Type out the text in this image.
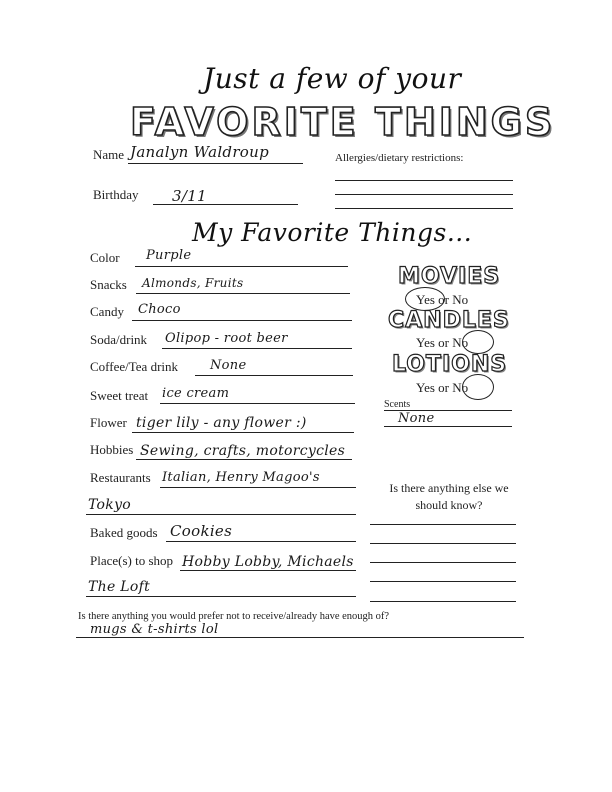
Just a few of your
FAVORITE THINGS
Name Janalyn Waldroup	Allergies/dietary restrictions:
Birthday 3/11
My Favorite Things...
Color Purple
Snacks Almonds, Fruits
Candy Choco
Soda/drink Olipop - root beer
Coffee/Tea drink None
Sweet treat ice cream
Flower tiger lily - any flower :)
Hobbies Sewing, crafts, motorcycles
Restaurants Italian, Henry Magoo's
Tokyo
Baked goods Cookies
Place(s) to shop Hobby Lobby, Michaels
The Loft
MOVIES
Yes or No
CANDLES
Yes or No
LOTIONS
Yes or No
Scents
None
Is there anything else we should know?
Is there anything you would prefer not to receive/already have enough of?
mugs & t-shirts lol
